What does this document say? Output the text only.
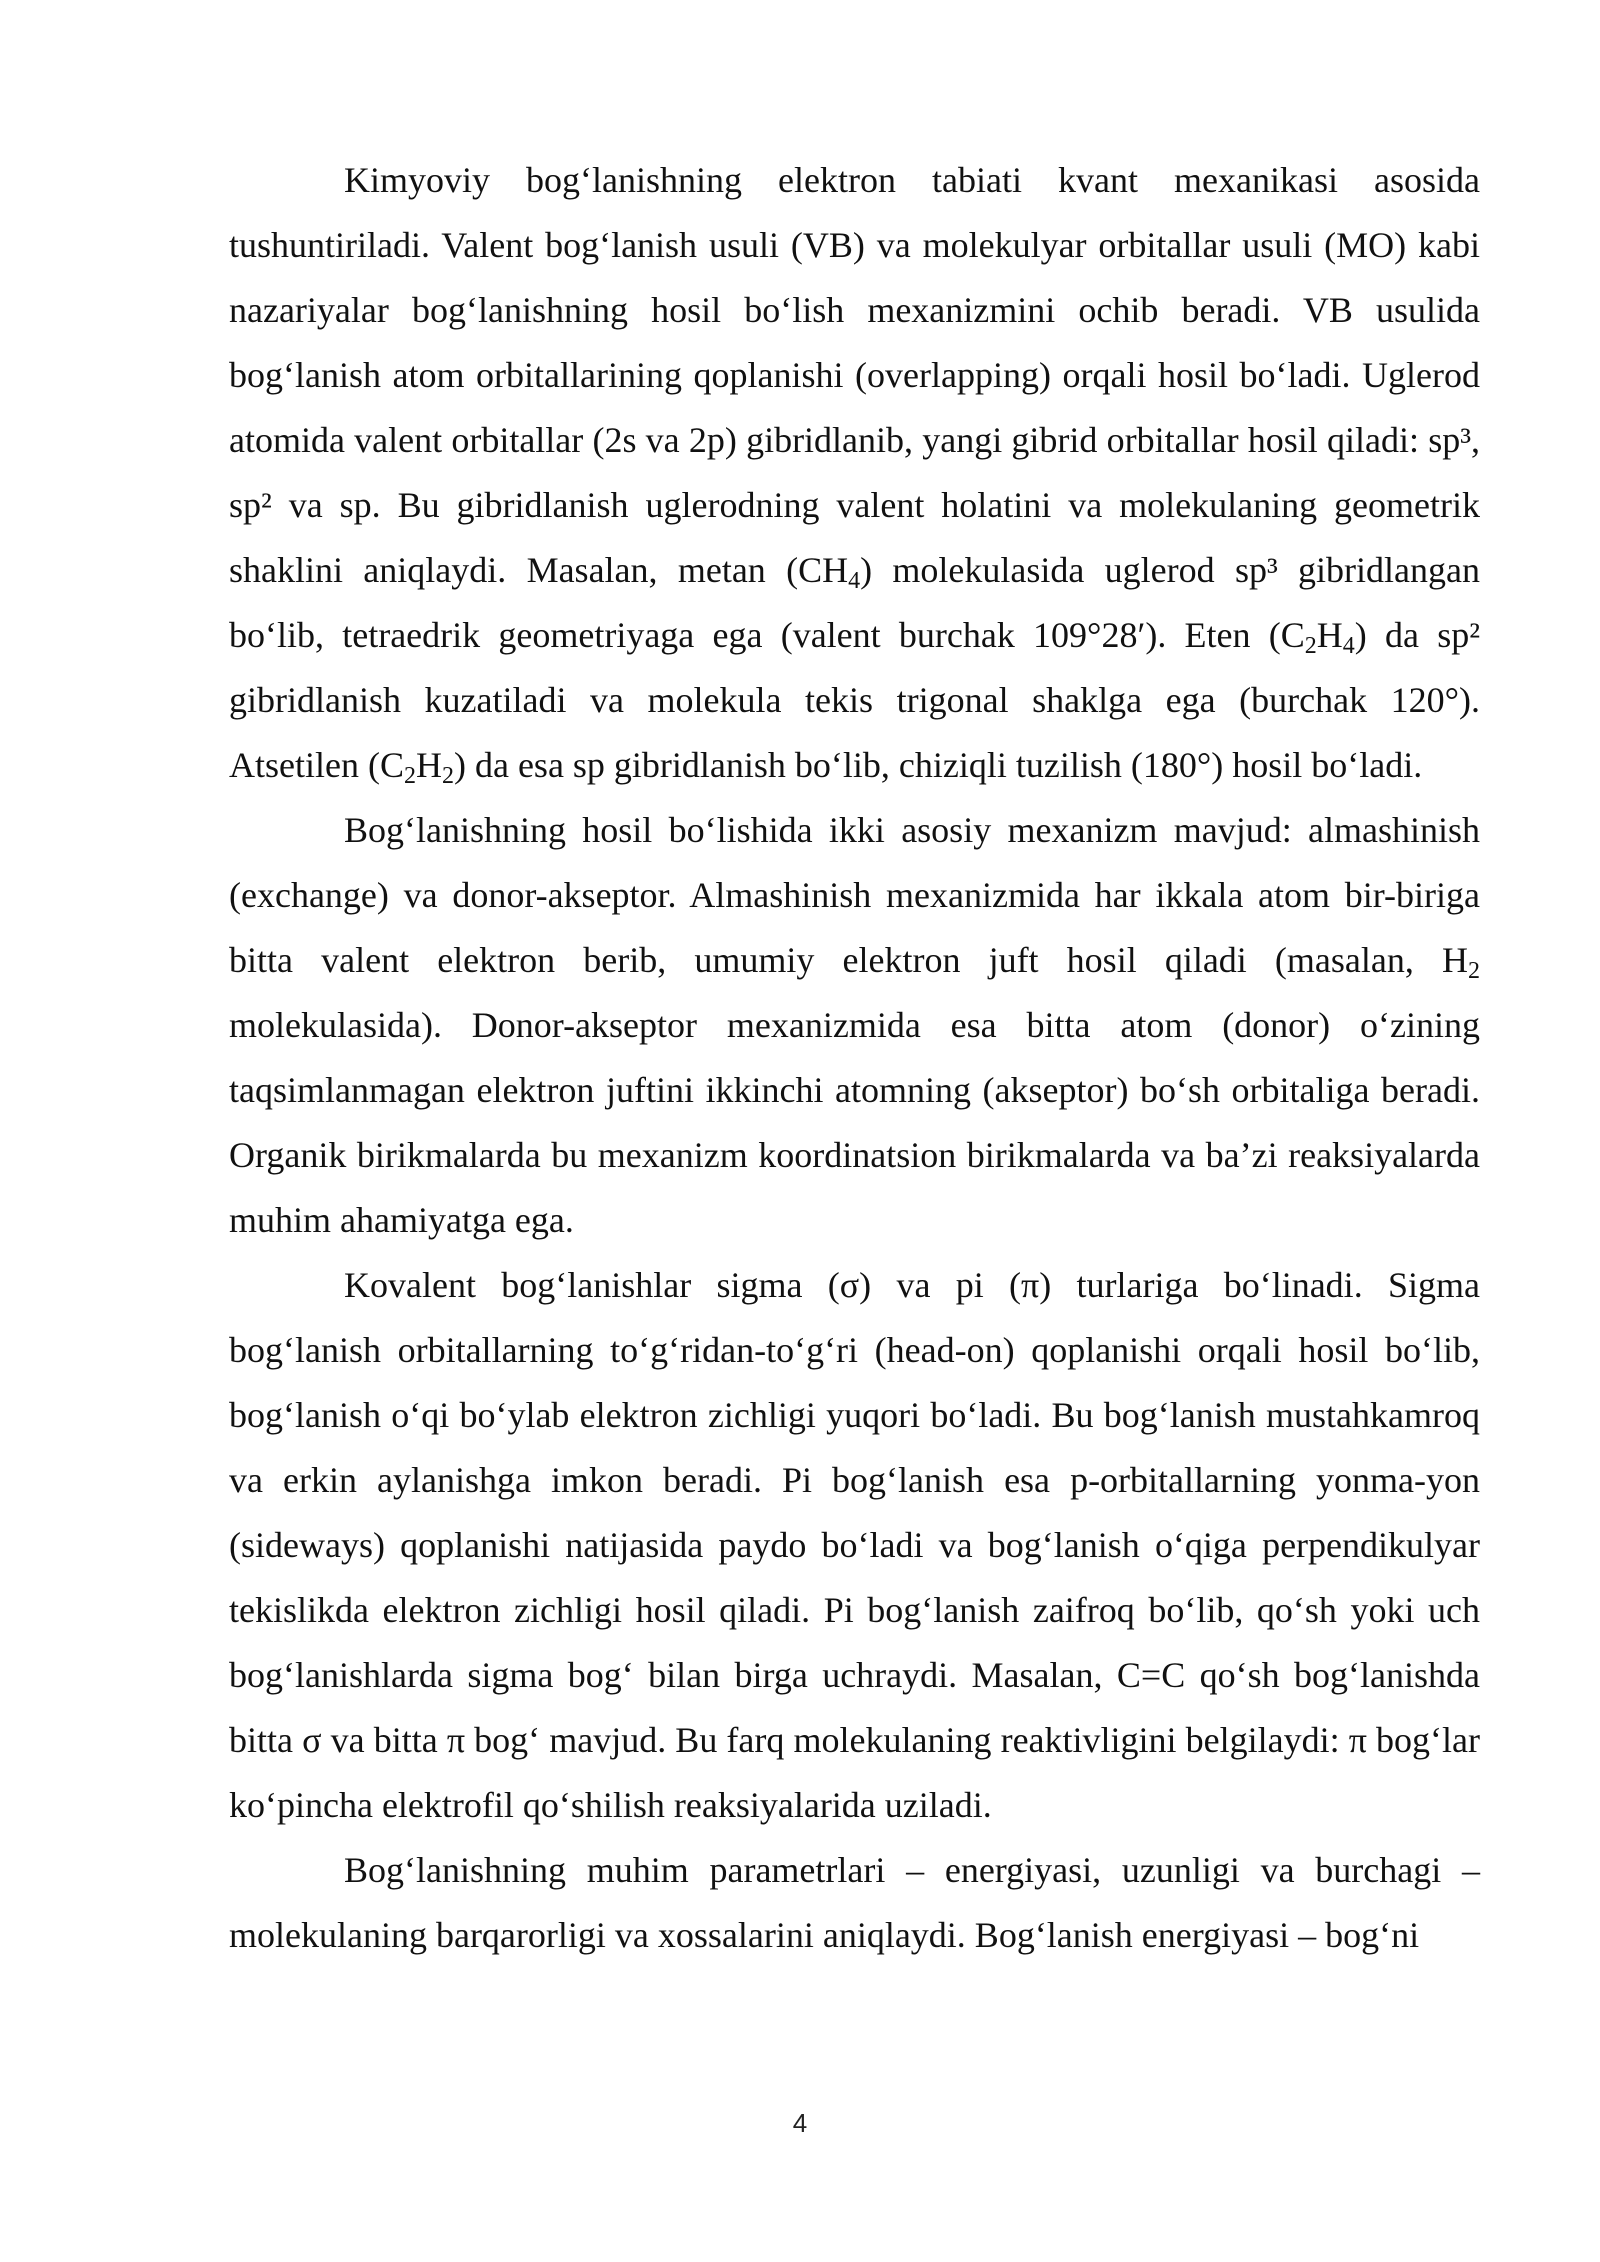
Kimyoviy bog‘lanishning elektron tabiati kvant mexanikasi asosida tushuntiriladi. Valent bog‘lanish usuli (VB) va molekulyar orbitallar usuli (MO) kabi nazariyalar bog‘lanishning hosil bo‘lish mexanizmini ochib beradi. VB usulida bog‘lanish atom orbitallarining qoplanishi (overlapping) orqali hosil bo‘ladi. Uglerod atomida valent orbitallar (2s va 2p) gibridlanib, yangi gibrid orbitallar hosil qiladi: sp³, sp² va sp. Bu gibridlanish uglerodning valent holatini va molekulaning geometrik shaklini aniqlaydi. Masalan, metan $(CH_4)$ molekulasida uglerod sp³ gibridlangan bo‘lib, tetraedrik geometriyaga ega (valent burchak 109°28′). Eten $(C_2H_4)$ da sp² gibridlanish kuzatiladi va molekula tekis trigonal shaklga ega (burchak 120°). Atsetilen $(C_2H_2)$ da esa sp gibridlanish bo‘lib, chiziqli tuzilish (180°) hosil bo‘ladi.

Bog‘lanishning hosil bo‘lishida ikki asosiy mexanizm mavjud: almashinish (exchange) va donor-akseptor. Almashinish mexanizmida har ikkala atom bir-biriga bitta valent elektron berib, umumiy elektron juft hosil qiladi (masalan, $H_2$ molekulasida). Donor-akseptor mexanizmida esa bitta atom (donor) o‘zining taqsimlanmagan elektron juftini ikkinchi atomning (akseptor) bo‘sh orbitaliga beradi. Organik birikmalarda bu mexanizm koordinatsion birikmalarda va ba’zi reaksiyalarda muhim ahamiyatga ega.

Kovalent bog‘lanishlar sigma (σ) va pi (π) turlariga bo‘linadi. Sigma bog‘lanish orbitallarning to‘g‘ridan-to‘g‘ri (head-on) qoplanishi orqali hosil bo‘lib, bog‘lanish o‘qi bo‘ylab elektron zichligi yuqori bo‘ladi. Bu bog‘lanish mustahkamroq va erkin aylanishga imkon beradi. Pi bog‘lanish esa p-orbitallarning yonma-yon (sideways) qoplanishi natijasida paydo bo‘ladi va bog‘lanish o‘qiga perpendikulyar tekislikda elektron zichligi hosil qiladi. Pi bog‘lanish zaifroq bo‘lib, qo‘sh yoki uch bog‘lanishlarda sigma bog‘ bilan birga uchraydi. Masalan, C=C qo‘sh bog‘lanishda bitta σ va bitta π bog‘ mavjud. Bu farq molekulaning reaktivligini belgilaydi: π bog‘lar ko‘pincha elektrofil qo‘shilish reaksiyalarida uziladi.

Bog‘lanishning muhim parametrlari – energiyasi, uzunligi va burchagi – molekulaning barqarorligi va xossalarini aniqlaydi. Bog‘lanish energiyasi – bog‘ni

4
